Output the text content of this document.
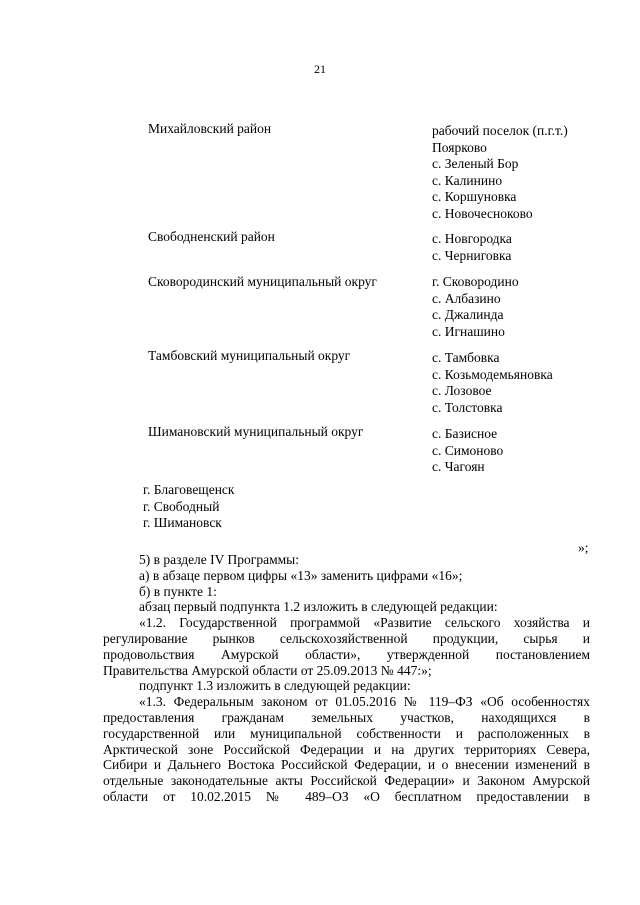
21
Михайловский район	рабочий поселок (п.г.т.)
Поярково
с. Зеленый Бор
с. Калинино
с. Коршуновка
с. Новочесноково
Свободненский район	с. Новгородка
с. Черниговка
Сковородинский муниципальный округ	г. Сковородино
с. Албазино
с. Джалинда
с. Игнашино
Тамбовский муниципальный округ	с. Тамбовка
с. Козьмодемьяновка
с. Лозовое
с. Толстовка
Шимановский муниципальный округ	с. Базисное
с. Симоново
с. Чагоян
г. Благовещенск
г. Свободный
г. Шимановск
»;

5) в разделе IV Программы:

а) в абзаце первом цифры «13» заменить цифрами «16»;

б) в пункте 1:

абзац первый подпункта 1.2 изложить в следующей редакции:

«1.2. Государственной программой «Развитие сельского хозяйства и

регулирование рынков сельскохозяйственной продукции, сырья и

продовольствия Амурской области», утвержденной постановлением

Правительства Амурской области от 25.09.2013 № 447:»;

подпункт 1.3 изложить в следующей редакции:

«1.3. Федеральным законом от 01.05.2016 № 119–ФЗ «Об особенностях

предоставления гражданам земельных участков, находящихся в

государственной или муниципальной собственности и расположенных в

Арктической зоне Российской Федерации и на других территориях Севера,

Сибири и Дальнего Востока Российской Федерации, и о внесении изменений в

отдельные законодательные акты Российской Федерации» и Законом Амурской

области от 10.02.2015 № 489–ОЗ «О бесплатном предоставлении в
